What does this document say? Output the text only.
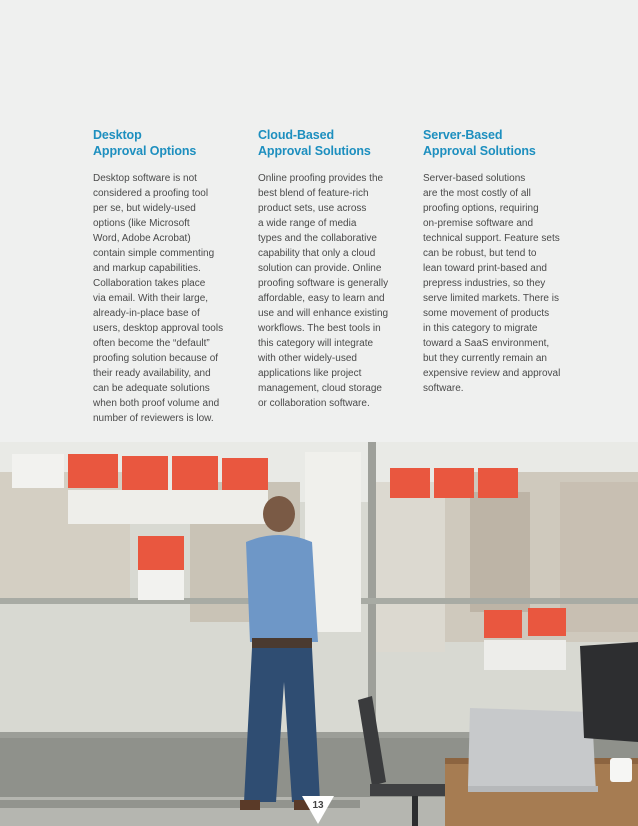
Desktop
Approval Options
Desktop software is not
considered a proofing tool
per se, but widely-used
options (like Microsoft
Word, Adobe Acrobat)
contain simple commenting
and markup capabilities.
Collaboration takes place
via email. With their large,
already-in-place base of
users, desktop approval tools
often become the “default”
proofing solution because of
their ready availability, and
can be adequate solutions
when both proof volume and
number of reviewers is low.
Cloud-Based
Approval Solutions
Online proofing provides the
best blend of feature-rich
product sets, use across
a wide range of media
types and the collaborative
capability that only a cloud
solution can provide. Online
proofing software is generally
affordable, easy to learn and
use and will enhance existing
workflows. The best tools in
this category will integrate
with other widely-used
applications like project
management, cloud storage
or collaboration software.
Server-Based
Approval Solutions
Server-based solutions
are the most costly of all
proofing options, requiring
on-premise software and
technical support. Feature sets
can be robust, but tend to
lean toward print-based and
prepress industries, so they
serve limited markets. There is
some movement of products
in this category to migrate
toward a SaaS environment,
but they currently remain an
expensive review and approval
software.
13
